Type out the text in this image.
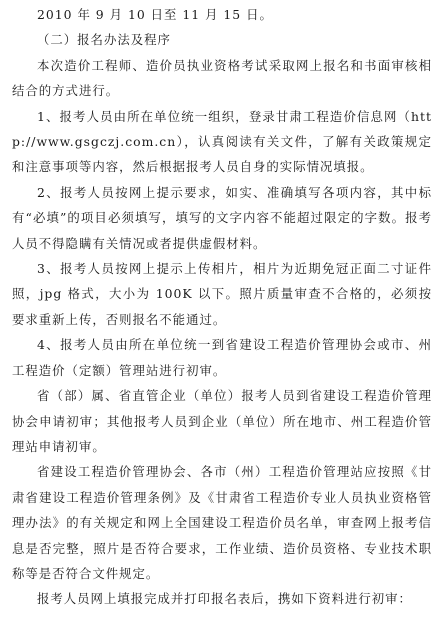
2010 年 9 月 10 日至 11 月 15 日。

（二）报名办法及程序

本次造价工程师、造价员执业资格考试采取网上报名和书面审核相结合的方式进行。

1、报考人员由所在单位统一组织，登录甘肃工程造价信息网（http://www.gsgczj.com.cn），认真阅读有关文件，了解有关政策规定和注意事项等内容，然后根据报考人员自身的实际情况填报。

2、报考人员按网上提示要求，如实、准确填写各项内容，其中标有“必填”的项目必须填写，填写的文字内容不能超过限定的字数。报考人员不得隐瞒有关情况或者提供虚假材料。

3、报考人员按网上提示上传相片，相片为近期免冠正面二寸证件照，jpg 格式，大小为 100K 以下。照片质量审查不合格的，必须按要求重新上传，否则报名不能通过。

4、报考人员由所在单位统一到省建设工程造价管理协会或市、州工程造价（定额）管理站进行初审。

省（部）属、省直管企业（单位）报考人员到省建设工程造价管理协会申请初审；其他报考人员到企业（单位）所在地市、州工程造价管理站申请初审。

省建设工程造价管理协会、各市（州）工程造价管理站应按照《甘肃省建设工程造价管理条例》及《甘肃省工程造价专业人员执业资格管理办法》的有关规定和网上全国建设工程造价员名单，审查网上报考信息是否完整，照片是否符合要求，工作业绩、造价员资格、专业技术职称等是否符合文件规定。

报考人员网上填报完成并打印报名表后，携如下资料进行初审：
